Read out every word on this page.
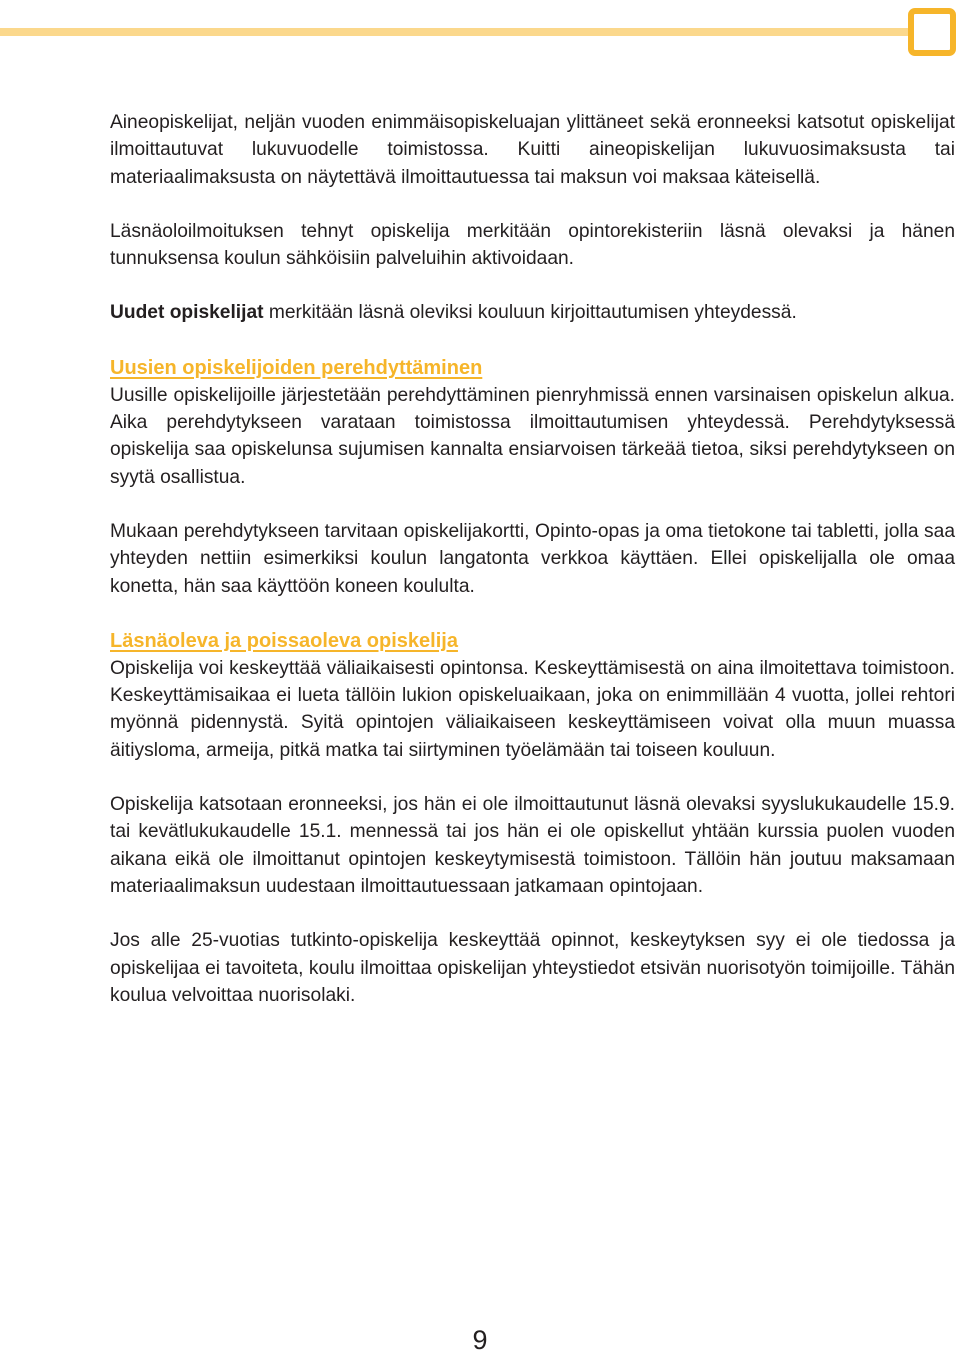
Aineopiskelijat, neljän vuoden enimmäisopiskeluajan ylittäneet sekä eronneeksi katsotut opiskelijat ilmoittautuvat lukuvuodelle toimistossa. Kuitti aineopiskelijan lukuvuosimaksusta tai materiaalimaksusta on näytettävä ilmoittautuessa tai maksun voi maksaa käteisellä.

Läsnäoloilmoituksen tehnyt opiskelija merkitään opintorekisteriin läsnä olevaksi ja hänen tunnuksensa koulun sähköisiin palveluihin aktivoidaan.

Uudet opiskelijat merkitään läsnä oleviksi kouluun kirjoittautumisen yhteydessä.

Uusien opiskelijoiden perehdyttäminen

Uusille opiskelijoille järjestetään perehdyttäminen pienryhmissä ennen varsinaisen opiskelun alkua. Aika perehdytykseen varataan toimistossa ilmoittautumisen yhteydessä. Perehdytyksessä opiskelija saa opiskelunsa sujumisen kannalta ensiarvoisen tärkeää tietoa, siksi perehdytykseen on syytä osallistua.

Mukaan perehdytykseen tarvitaan opiskelijakortti, Opinto-opas ja oma tietokone tai tabletti, jolla saa yhteyden nettiin esimerkiksi koulun langatonta verkkoa käyttäen. Ellei opiskelijalla ole omaa konetta, hän saa käyttöön koneen koululta.

Läsnäoleva ja poissaoleva opiskelija

Opiskelija voi keskeyttää väliaikaisesti opintonsa. Keskeyttämisestä on aina ilmoitettava toimistoon. Keskeyttämisaikaa ei lueta tällöin lukion opiskeluaikaan, joka on enimmillään 4 vuotta, jollei rehtori myönnä pidennystä. Syitä opintojen väliaikaiseen keskeyttämiseen voivat olla muun muassa äitiysloma, armeija, pitkä matka tai siirtyminen työelämään tai toiseen kouluun.

Opiskelija katsotaan eronneeksi, jos hän ei ole ilmoittautunut läsnä olevaksi syyslukukaudelle 15.9. tai kevätlukukaudelle 15.1. mennessä tai jos hän ei ole opiskellut yhtään kurssia puolen vuoden aikana eikä ole ilmoittanut opintojen keskeytymisestä toimistoon. Tällöin hän joutuu maksamaan materiaalimaksun uudestaan ilmoittautuessaan jatkamaan opintojaan.

Jos alle 25-vuotias tutkinto-opiskelija keskeyttää opinnot, keskeytyksen syy ei ole tiedossa ja opiskelijaa ei tavoiteta, koulu ilmoittaa opiskelijan yhteystiedot etsivän nuorisotyön toimijoille. Tähän koulua velvoittaa nuorisolaki.

9
